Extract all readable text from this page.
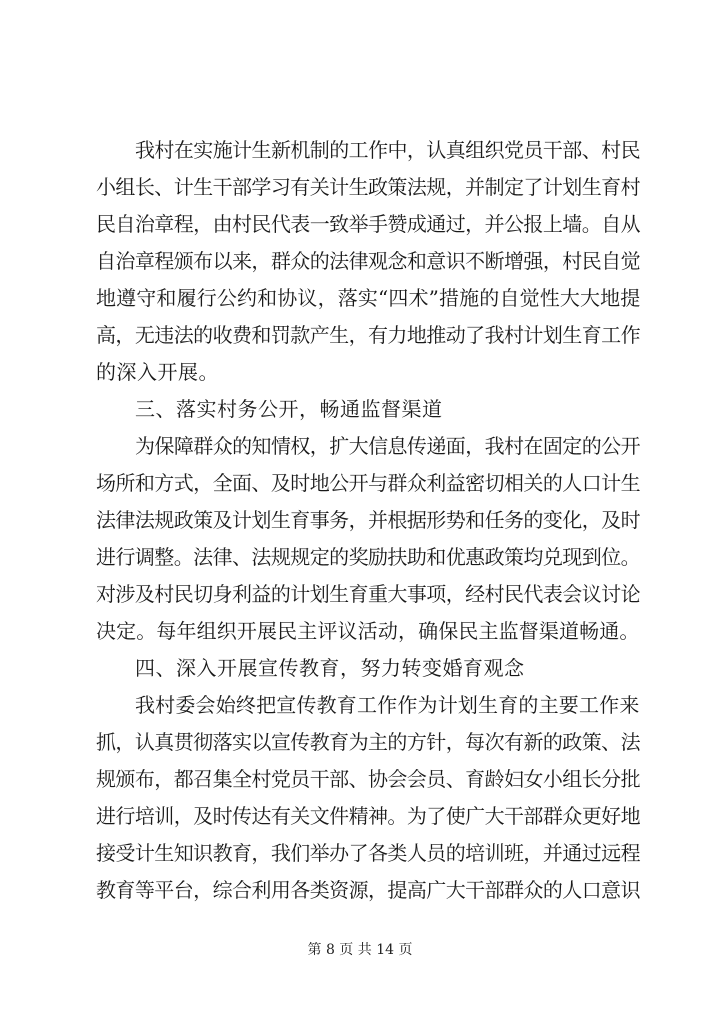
我村在实施计生新机制的工作中，认真组织党员干部、村民
小组长、计生干部学习有关计生政策法规，并制定了计划生育村
民自治章程，由村民代表一致举手赞成通过，并公报上墙。自从
自治章程颁布以来，群众的法律观念和意识不断增强，村民自觉
地遵守和履行公约和协议，落实“四术”措施的自觉性大大地提
高，无违法的收费和罚款产生，有力地推动了我村计划生育工作
的深入开展。
三、落实村务公开，畅通监督渠道
为保障群众的知情权，扩大信息传递面，我村在固定的公开
场所和方式，全面、及时地公开与群众利益密切相关的人口计生
法律法规政策及计划生育事务，并根据形势和任务的变化，及时
进行调整。法律、法规规定的奖励扶助和优惠政策均兑现到位。
对涉及村民切身利益的计划生育重大事项，经村民代表会议讨论
决定。每年组织开展民主评议活动，确保民主监督渠道畅通。
四、深入开展宣传教育，努力转变婚育观念
我村委会始终把宣传教育工作作为计划生育的主要工作来
抓，认真贯彻落实以宣传教育为主的方针，每次有新的政策、法
规颁布，都召集全村党员干部、协会会员、育龄妇女小组长分批
进行培训，及时传达有关文件精神。为了使广大干部群众更好地
接受计生知识教育，我们举办了各类人员的培训班，并通过远程
教育等平台，综合利用各类资源，提高广大干部群众的人口意识
第 8 页 共 14 页
